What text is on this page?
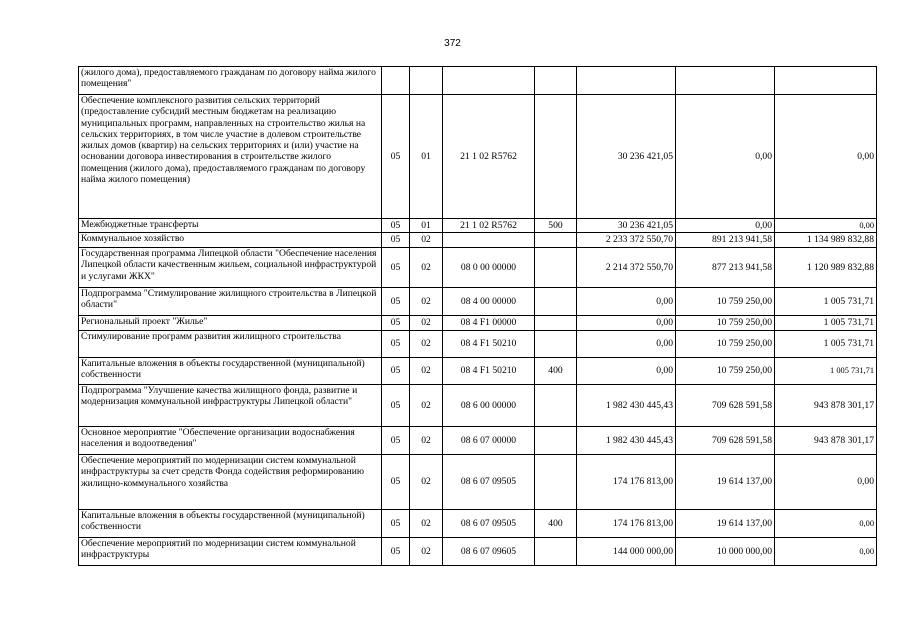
372
(жилого дома), предоставляемого гражданам по договору найма жилого помещения"							
Обеспечение комплексного развития сельских территорий (предоставление субсидий местным бюджетам на реализацию муниципальных программ, направленных на строительство жилья на сельских территориях, в том числе участие в долевом строительстве жилых домов (квартир) на сельских территориях и (или) участие на основании договора инвестирования в строительстве жилого помещения (жилого дома), предоставляемого гражданам по договору найма жилого помещения)	05	01	21 1 02 R5762		30 236 421,05	0,00	0,00
Межбюджетные трансферты	05	01	21 1 02 R5762	500	30 236 421,05	0,00	0,00
Коммунальное хозяйство	05	02			2 233 372 550,70	891 213 941,58	1 134 989 832,88
Государственная программа Липецкой области "Обеспечение населения Липецкой области качественным жильем, социальной инфраструктурой и услугами ЖКХ"	05	02	08 0 00 00000		2 214 372 550,70	877 213 941,58	1 120 989 832,88
Подпрограмма "Стимулирование жилищного строительства в Липецкой области"	05	02	08 4 00 00000		0,00	10 759 250,00	1 005 731,71
Региональный проект "Жилье"	05	02	08 4 F1 00000		0,00	10 759 250,00	1 005 731,71
Стимулирование программ развития жилищного строительства	05	02	08 4 F1 50210		0,00	10 759 250,00	1 005 731,71
Капитальные вложения в объекты государственной (муниципальной) собственности	05	02	08 4 F1 50210	400	0,00	10 759 250,00	1 005 731,71
Подпрограмма "Улучшение качества жилищного фонда, развитие и модернизация коммунальной инфраструктуры Липецкой области"	05	02	08 6 00 00000		1 982 430 445,43	709 628 591,58	943 878 301,17
Основное мероприятие "Обеспечение организации водоснабжения населения и водоотведения"	05	02	08 6 07 00000		1 982 430 445,43	709 628 591,58	943 878 301,17
Обеспечение мероприятий по модернизации систем коммунальной инфраструктуры за счет средств Фонда содействия реформированию жилищно-коммунального хозяйства	05	02	08 6 07 09505		174 176 813,00	19 614 137,00	0,00
Капитальные вложения в объекты государственной (муниципальной) собственности	05	02	08 6 07 09505	400	174 176 813,00	19 614 137,00	0,00
Обеспечение мероприятий по модернизации систем коммунальной инфраструктуры	05	02	08 6 07 09605		144 000 000,00	10 000 000,00	0,00
